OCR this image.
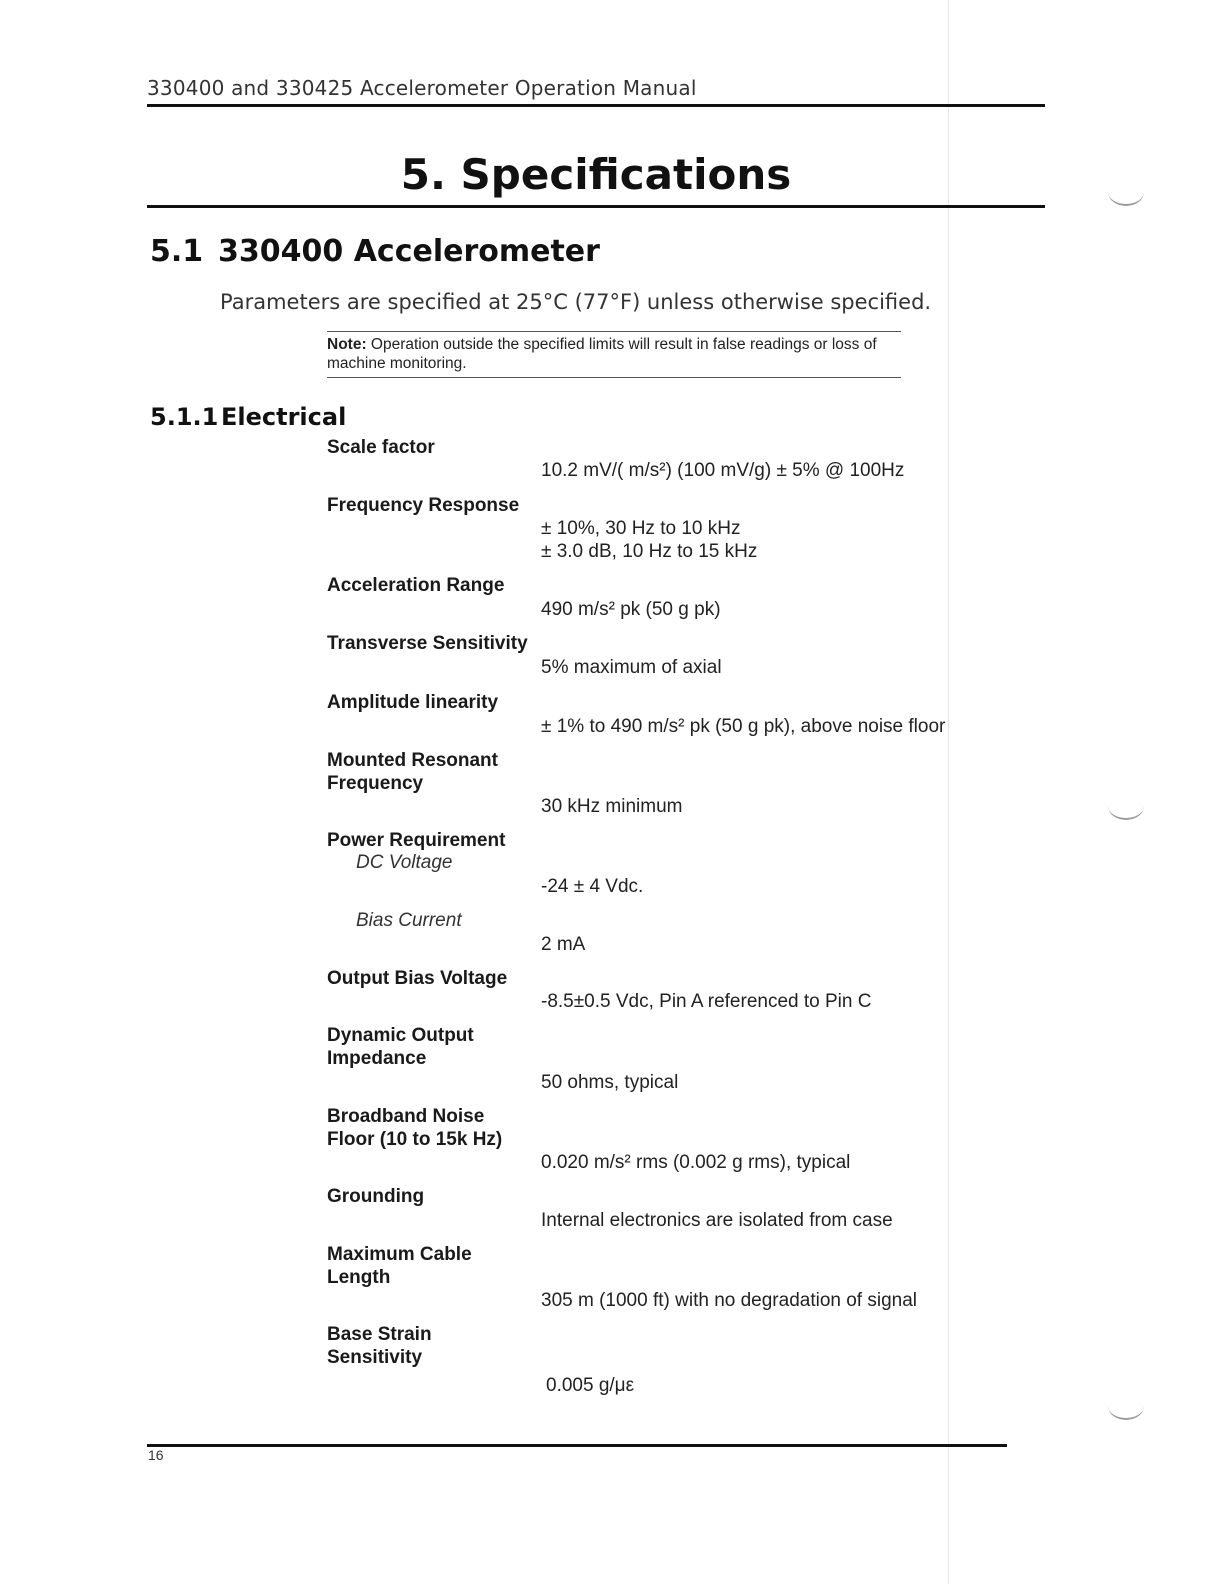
330400 and 330425 Accelerometer Operation Manual
5. Specifications
5.1 330400 Accelerometer
Parameters are specified at 25°C (77°F) unless otherwise specified.
Note: Operation outside the specified limits will result in false readings or loss of machine monitoring.
5.1.1 Electrical
Scale factor
10.2 mV/( m/s²) (100 mV/g) ± 5% @ 100Hz
Frequency Response
± 10%, 30 Hz to 10 kHz
± 3.0 dB, 10 Hz to 15 kHz
Acceleration Range
490 m/s² pk (50 g pk)
Transverse Sensitivity
5% maximum of axial
Amplitude linearity
± 1% to 490 m/s² pk (50 g pk), above noise floor
Mounted Resonant
Frequency
30 kHz minimum
Power Requirement
DC Voltage
-24 ± 4 Vdc.
Bias Current
2 mA
Output Bias Voltage
-8.5±0.5 Vdc, Pin A referenced to Pin C
Dynamic Output
Impedance
50 ohms, typical
Broadband Noise
Floor (10 to 15k Hz)
0.020 m/s² rms (0.002 g rms), typical
Grounding
Internal electronics are isolated from case
Maximum Cable
Length
305 m (1000 ft) with no degradation of signal
Base Strain
Sensitivity
0.005 g/με
16
